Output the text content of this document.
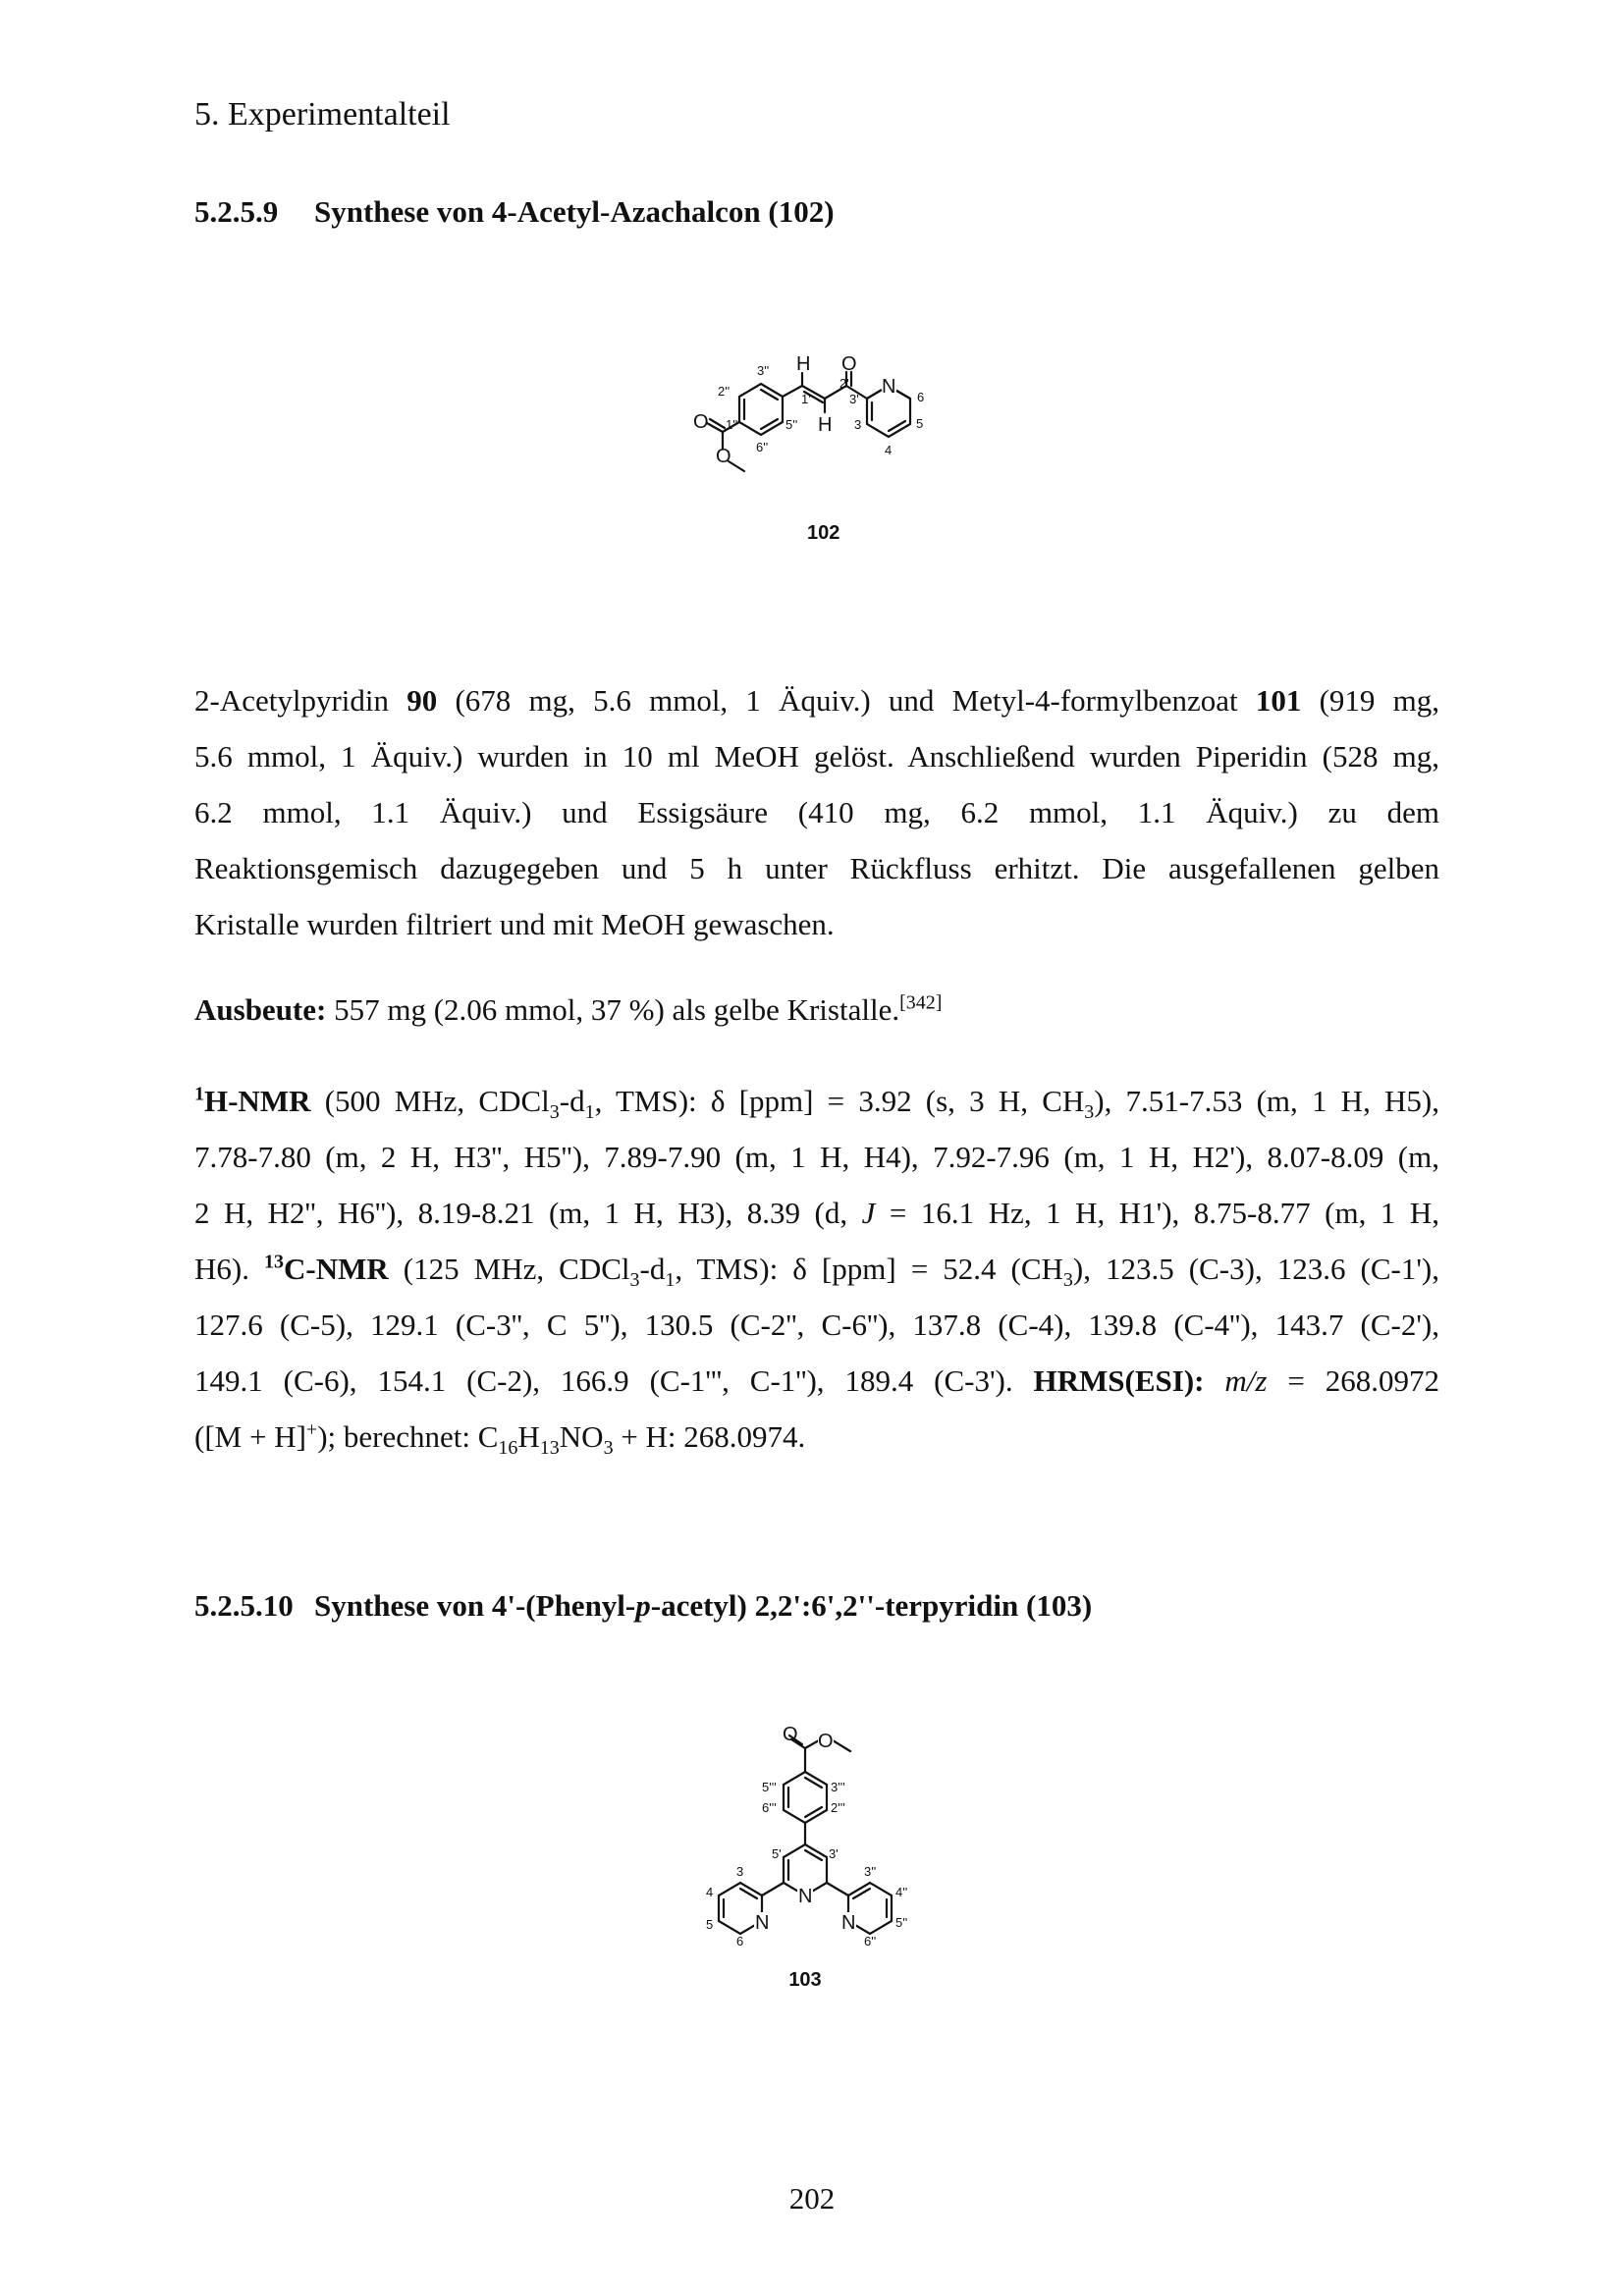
5. Experimentalteil
5.2.5.9 Synthese von 4-Acetyl-Azachalcon (102)
H O
N
H
O
O
3''
2''
1'
2'
3'	6
5
4
3
5''
6''
1'''
102
2-Acetylpyridin 90 (678 mg, 5.6 mmol, 1 Äquiv.) und Metyl-4-formylbenzoat 101 (919 mg,
5.6 mmol, 1 Äquiv.) wurden in 10 ml MeOH gelöst. Anschließend wurden Piperidin (528 mg,
6.2 mmol, 1.1 Äquiv.) und Essigsäure (410 mg, 6.2 mmol, 1.1 Äquiv.) zu dem
Reaktionsgemisch dazugegeben und 5 h unter Rückfluss erhitzt. Die ausgefallenen gelben
Kristalle wurden filtriert und mit MeOH gewaschen.
Ausbeute: 557 mg (2.06 mmol, 37 %) als gelbe Kristalle.[342]
$^1$H-NMR (500 MHz, $CDCl_3-d_1$, TMS): δ [ppm] = 3.92 (s, 3 H, $CH_3$), 7.51-7.53 (m, 1 H, H5),
7.78-7.80 (m, 2 H, H3'', H5''), 7.89-7.90 (m, 1 H, H4), 7.92-7.96 (m, 1 H, H2'), 8.07-8.09 (m,
2 H, H2'', H6''), 8.19-8.21 (m, 1 H, H3), 8.39 (d, J = 16.1 Hz, 1 H, H1'), 8.75-8.77 (m, 1 H,
H6). $^{13}$C-NMR (125 MHz, $CDCl_3-d_1$, TMS): δ [ppm] = 52.4 $(CH_3)$, 123.5 (C-3), 123.6 (C-1'),
127.6 (C-5), 129.1 (C-3'', C 5''), 130.5 (C-2'', C-6''), 137.8 (C-4), 139.8 (C-4''), 143.7 (C-2'),
149.1 (C-6), 154.1 (C-2), 166.9 (C-1''', C-1''), 189.4 (C-3'). HRMS(ESI): m/z = 268.0972
([M + H]+); berechnet: $C_{16}H_{13}NO_3 + H$: 268.0974.
5.2.5.10 Synthese von 4'-(Phenyl-p-acetyl) 2,2':6',2''-terpyridin (103)
O O
5'''	3'''
6'''	2'''
5'	3'
3	3''
4	4''
N
N	N
5	5''
6	6''
103
202
